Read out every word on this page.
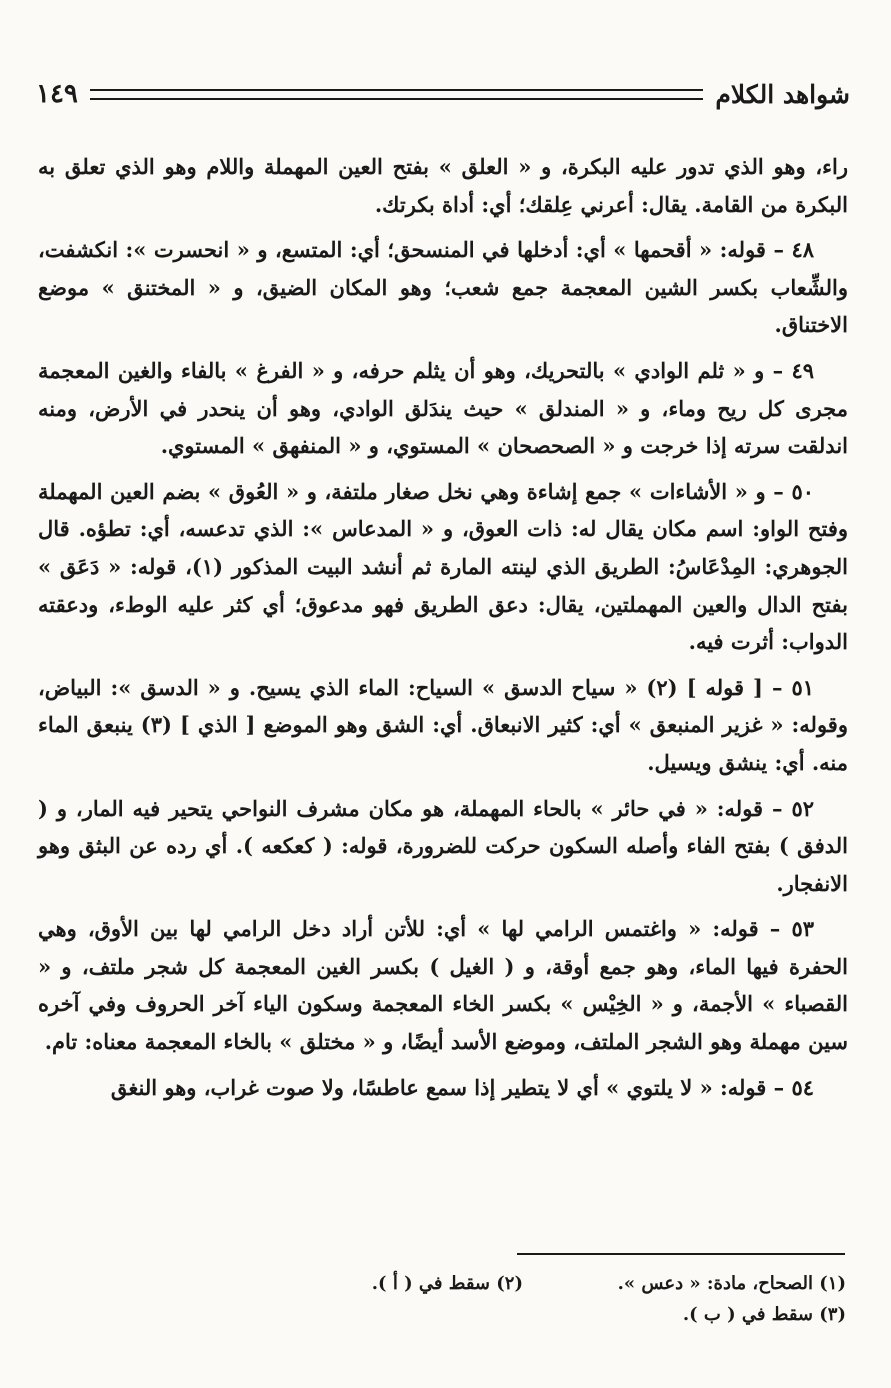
شواهد الكلام
١٤٩

راء، وهو الذي تدور عليه البكرة، و « العلق » بفتح العين المهملة واللام وهو الذي تعلق به البكرة من القامة. يقال: أعرني عِلقك؛ أي: أداة بكرتك.

٤٨ – قوله: « أقحمها » أي: أدخلها في المنسحق؛ أي: المتسع، و « انحسرت »: انكشفت، والشِّعاب بكسر الشين المعجمة جمع شعب؛ وهو المكان الضيق، و « المختنق » موضع الاختناق.

٤٩ – و « ثلم الوادي » بالتحريك، وهو أن يثلم حرفه، و « الفرغ » بالفاء والغين المعجمة مجرى كل ريح وماء، و « المندلق » حيث يندَلق الوادي، وهو أن ينحدر في الأرض، ومنه اندلقت سرته إذا خرجت و « الصحصحان » المستوي، و « المنفهق » المستوي.

٥٠ – و « الأشاءات » جمع إشاءة وهي نخل صغار ملتفة، و « العُوق » بضم العين المهملة وفتح الواو: اسم مكان يقال له: ذات العوق، و « المدعاس »: الذي تدعسه، أي: تطؤه. قال الجوهري: المِدْعَاسُ: الطريق الذي لينته المارة ثم أنشد البيت المذكور (١)، قوله: « دَعَق » بفتح الدال والعين المهملتين، يقال: دعق الطريق فهو مدعوق؛ أي كثر عليه الوطء، ودعقته الدواب: أثرت فيه.

٥١ – [ قوله ] (٢) « سياح الدسق » السياح: الماء الذي يسيح. و « الدسق »: البياض، وقوله: « غزير المنبعق » أي: كثير الانبعاق. أي: الشق وهو الموضع [ الذي ] (٣) ينبعق الماء منه. أي: ينشق ويسيل.

٥٢ – قوله: « في حائر » بالحاء المهملة، هو مكان مشرف النواحي يتحير فيه المار، و ( الدفق ) بفتح الفاء وأصله السكون حركت للضرورة، قوله: ( كعكعه ). أي رده عن البثق وهو الانفجار.

٥٣ – قوله: « واغتمس الرامي لها » أي: للأتن أراد دخل الرامي لها بين الأوق، وهي الحفرة فيها الماء، وهو جمع أوقة، و ( الغيل ) بكسر الغين المعجمة كل شجر ملتف، و « القصباء » الأجمة، و « الخِيْس » بكسر الخاء المعجمة وسكون الياء آخر الحروف وفي آخره سين مهملة وهو الشجر الملتف، وموضع الأسد أيضًا، و « مختلق » بالخاء المعجمة معناه: تام.

٥٤ – قوله: « لا يلتوي » أي لا يتطير إذا سمع عاطسًا، ولا صوت غراب، وهو النغق

(١) الصحاح، مادة: « دعس ».
(٢) سقط في ( أ ).
(٣) سقط في ( ب ).
